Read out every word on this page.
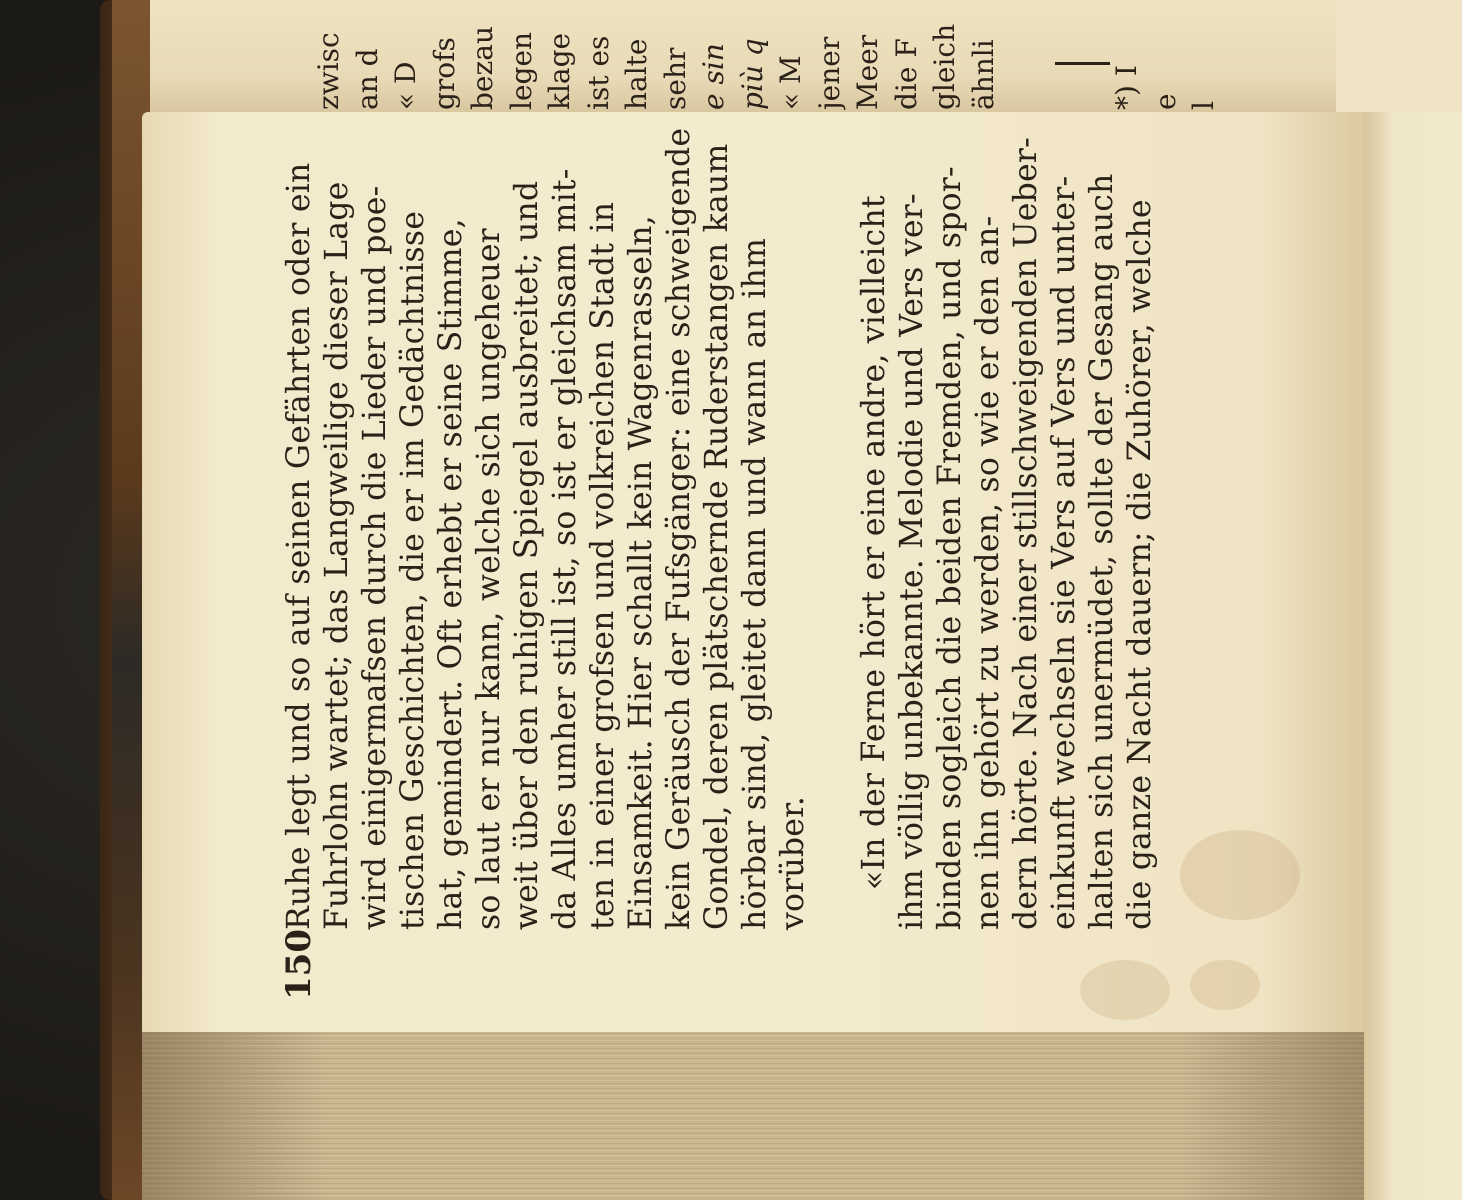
zwisc an d « D grofs bezau legen klage ist es halte sehr e sin più q « M jener Meer die F gleich ähnli	*) I e l
150
Ruhe legt und so auf seinen Gefährten oder ein Fuhrlohn wartet; das Langweilige dieser Lage wird einigermafsen durch die Lieder und poe- tischen Geschichten, die er im Gedächtnisse hat, gemindert. Oft erhebt er seine Stimme, so laut er nur kann, welche sich ungeheuer weit über den ruhigen Spiegel ausbreitet; und da Alles umher still ist, so ist er gleichsam mit- ten in einer grofsen und volkreichen Stadt in Einsamkeit. Hier schallt kein Wagenrasseln, kein Geräusch der Fufsgänger: eine schweigende Gondel, deren plätschernde Ruderstangen kaum hörbar sind, gleitet dann und wann an ihm vorüber. «In der Ferne hört er eine andre, vielleicht ihm völlig unbekannte. Melodie und Vers ver- binden sogleich die beiden Fremden, und spor- nen ihn gehört zu werden, so wie er den an- dern hörte. Nach einer stillschweigenden Ueber- einkunft wechseln sie Vers auf Vers und unter- halten sich unermüdet, sollte der Gesang auch die ganze Nacht dauern; die Zuhörer, welche
